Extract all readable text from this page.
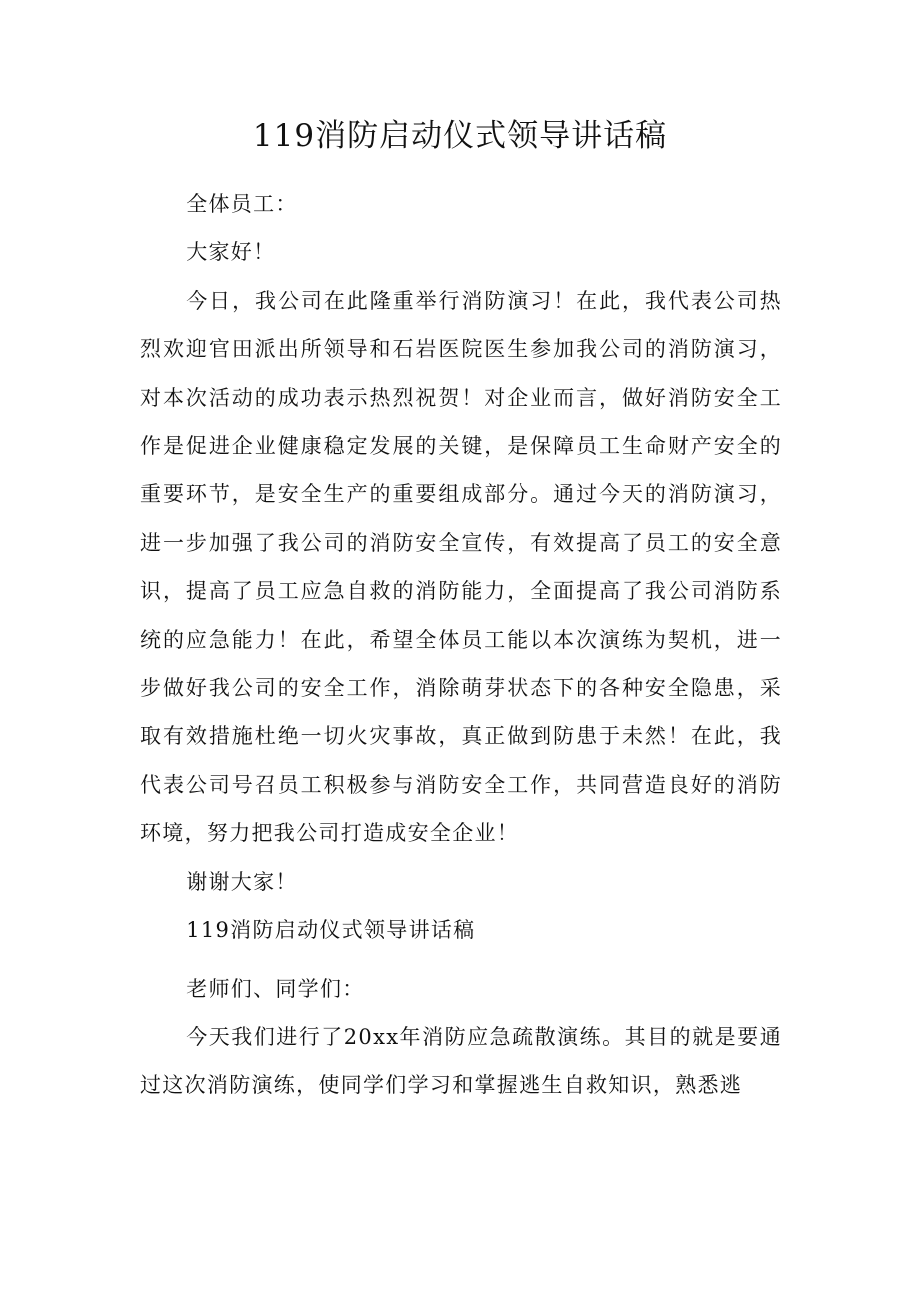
119消防启动仪式领导讲话稿

全体员工：

大家好！

今日，我公司在此隆重举行消防演习！在此，我代表公司热烈欢迎官田派出所领导和石岩医院医生参加我公司的消防演习，对本次活动的成功表示热烈祝贺！对企业而言，做好消防安全工作是促进企业健康稳定发展的关键，是保障员工生命财产安全的重要环节，是安全生产的重要组成部分。通过今天的消防演习，进一步加强了我公司的消防安全宣传，有效提高了员工的安全意识，提高了员工应急自救的消防能力，全面提高了我公司消防系统的应急能力！在此，希望全体员工能以本次演练为契机，进一步做好我公司的安全工作，消除萌芽状态下的各种安全隐患，采取有效措施杜绝一切火灾事故，真正做到防患于未然！在此，我代表公司号召员工积极参与消防安全工作，共同营造良好的消防环境，努力把我公司打造成安全企业！

谢谢大家！

119消防启动仪式领导讲话稿

老师们、同学们：

今天我们进行了20xx年消防应急疏散演练。其目的就是要通过这次消防演练，使同学们学习和掌握逃生自救知识，熟悉逃
